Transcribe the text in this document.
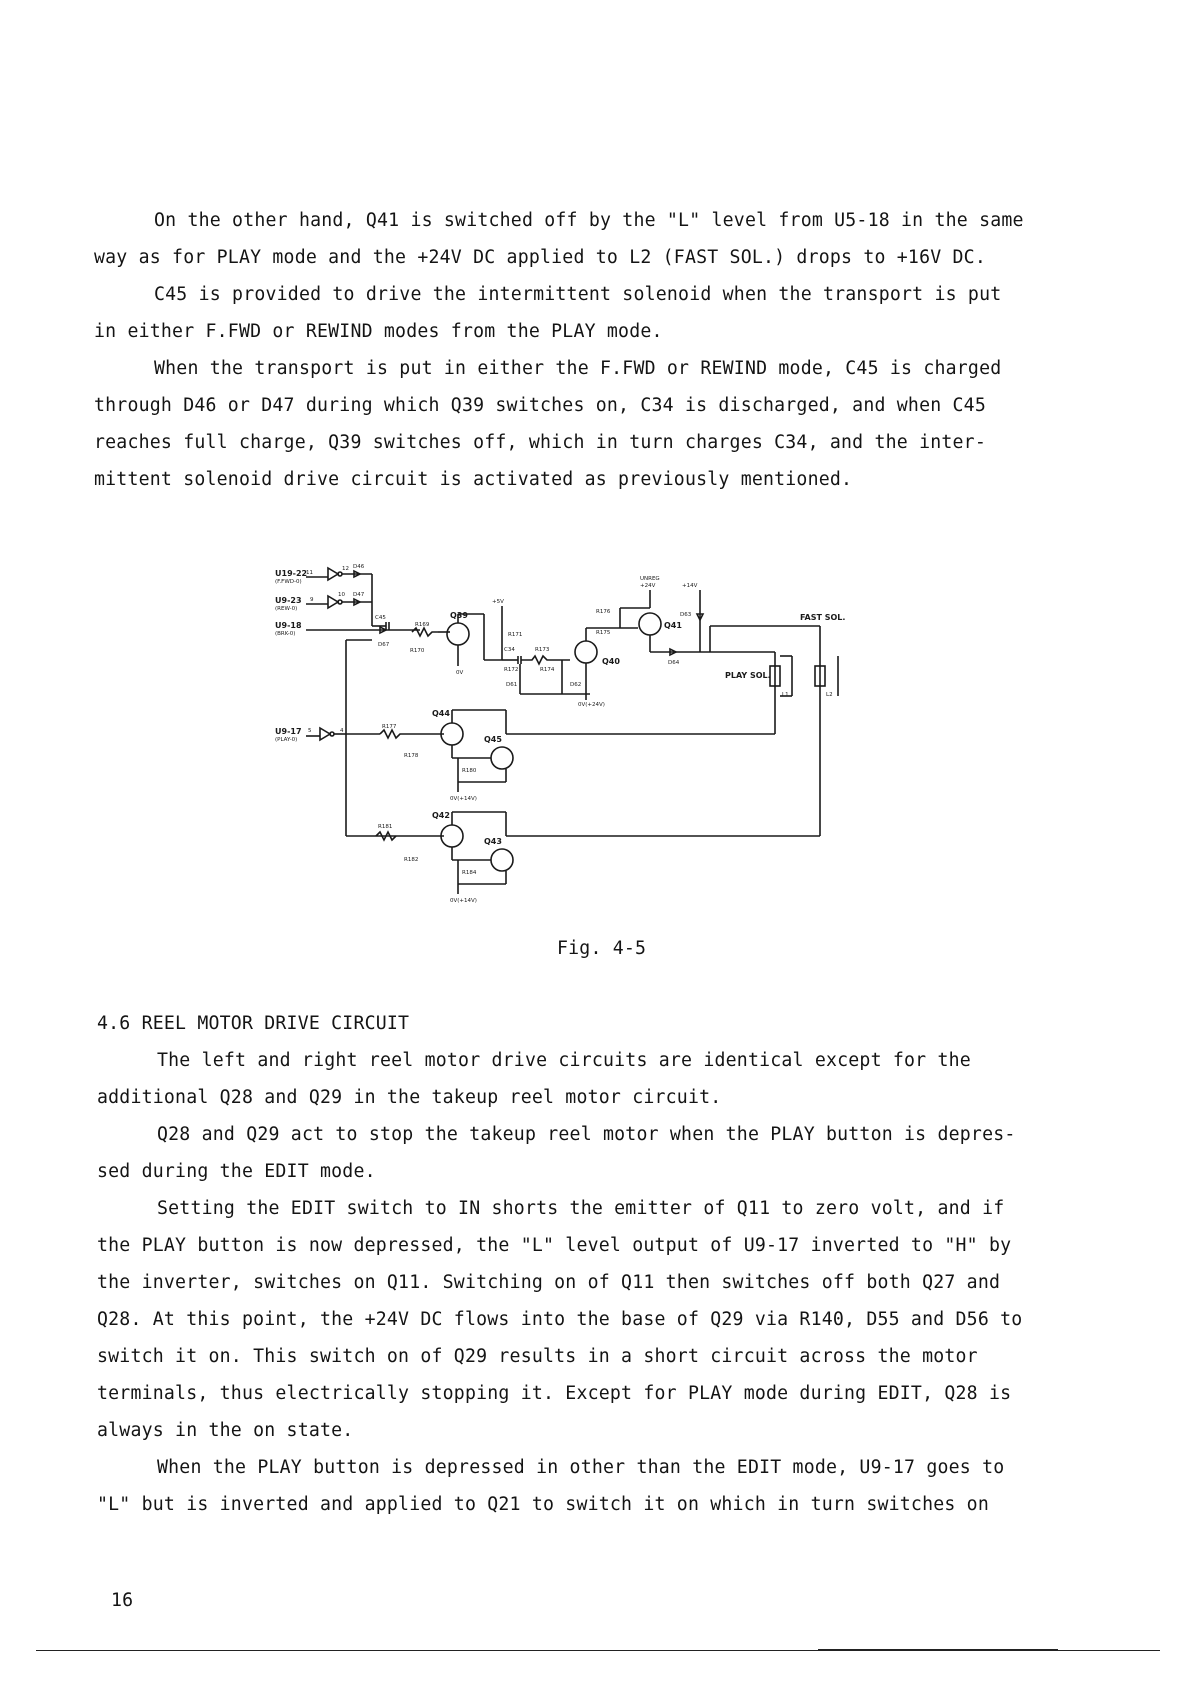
On the other hand, Q41 is switched off by the "L" level from U5-18 in the same
way as for PLAY mode and the +24V DC applied to L2 (FAST SOL.) drops to +16V DC.
C45 is provided to drive the intermittent solenoid when the transport is put
in either F.FWD or REWIND modes from the PLAY mode.
When the transport is put in either the F.FWD or REWIND mode, C45 is charged
through D46 or D47 during which Q39 switches on, C34 is discharged, and when C45
reaches full charge, Q39 switches off, which in turn charges C34, and the inter-
mittent solenoid drive circuit is activated as previously mentioned.
U19-22
(F.FWD-0)
11
12 D46
U9-23
(REW-0)
9
10 D47
U9-18
(BRK-0)
C45
D67
R169
R170
Q39
0V
+5V
R171
C34	R173
R172	R174
D61	D62
Q40
0V(+24V)
UNREG
+24V	+14V
R176
R175
Q41
D64
D63	FAST SOL.
PLAY SOL.
L1	L2
U9-17
(PLAY-0)
5	4
R177
R178
Q44
Q45
R180
0V(+14V)
R181
R182
Q42
Q43
R184
0V(+14V)
Fig. 4-5
4.6 REEL MOTOR DRIVE CIRCUIT
The left and right reel motor drive circuits are identical except for the
additional Q28 and Q29 in the takeup reel motor circuit.
Q28 and Q29 act to stop the takeup reel motor when the PLAY button is depres-
sed during the EDIT mode.
Setting the EDIT switch to IN shorts the emitter of Q11 to zero volt, and if
the PLAY button is now depressed, the "L" level output of U9-17 inverted to "H" by
the inverter, switches on Q11. Switching on of Q11 then switches off both Q27 and
Q28. At this point, the +24V DC flows into the base of Q29 via R140, D55 and D56 to
switch it on. This switch on of Q29 results in a short circuit across the motor
terminals, thus electrically stopping it. Except for PLAY mode during EDIT, Q28 is
always in the on state.
When the PLAY button is depressed in other than the EDIT mode, U9-17 goes to
"L" but is inverted and applied to Q21 to switch it on which in turn switches on
16
